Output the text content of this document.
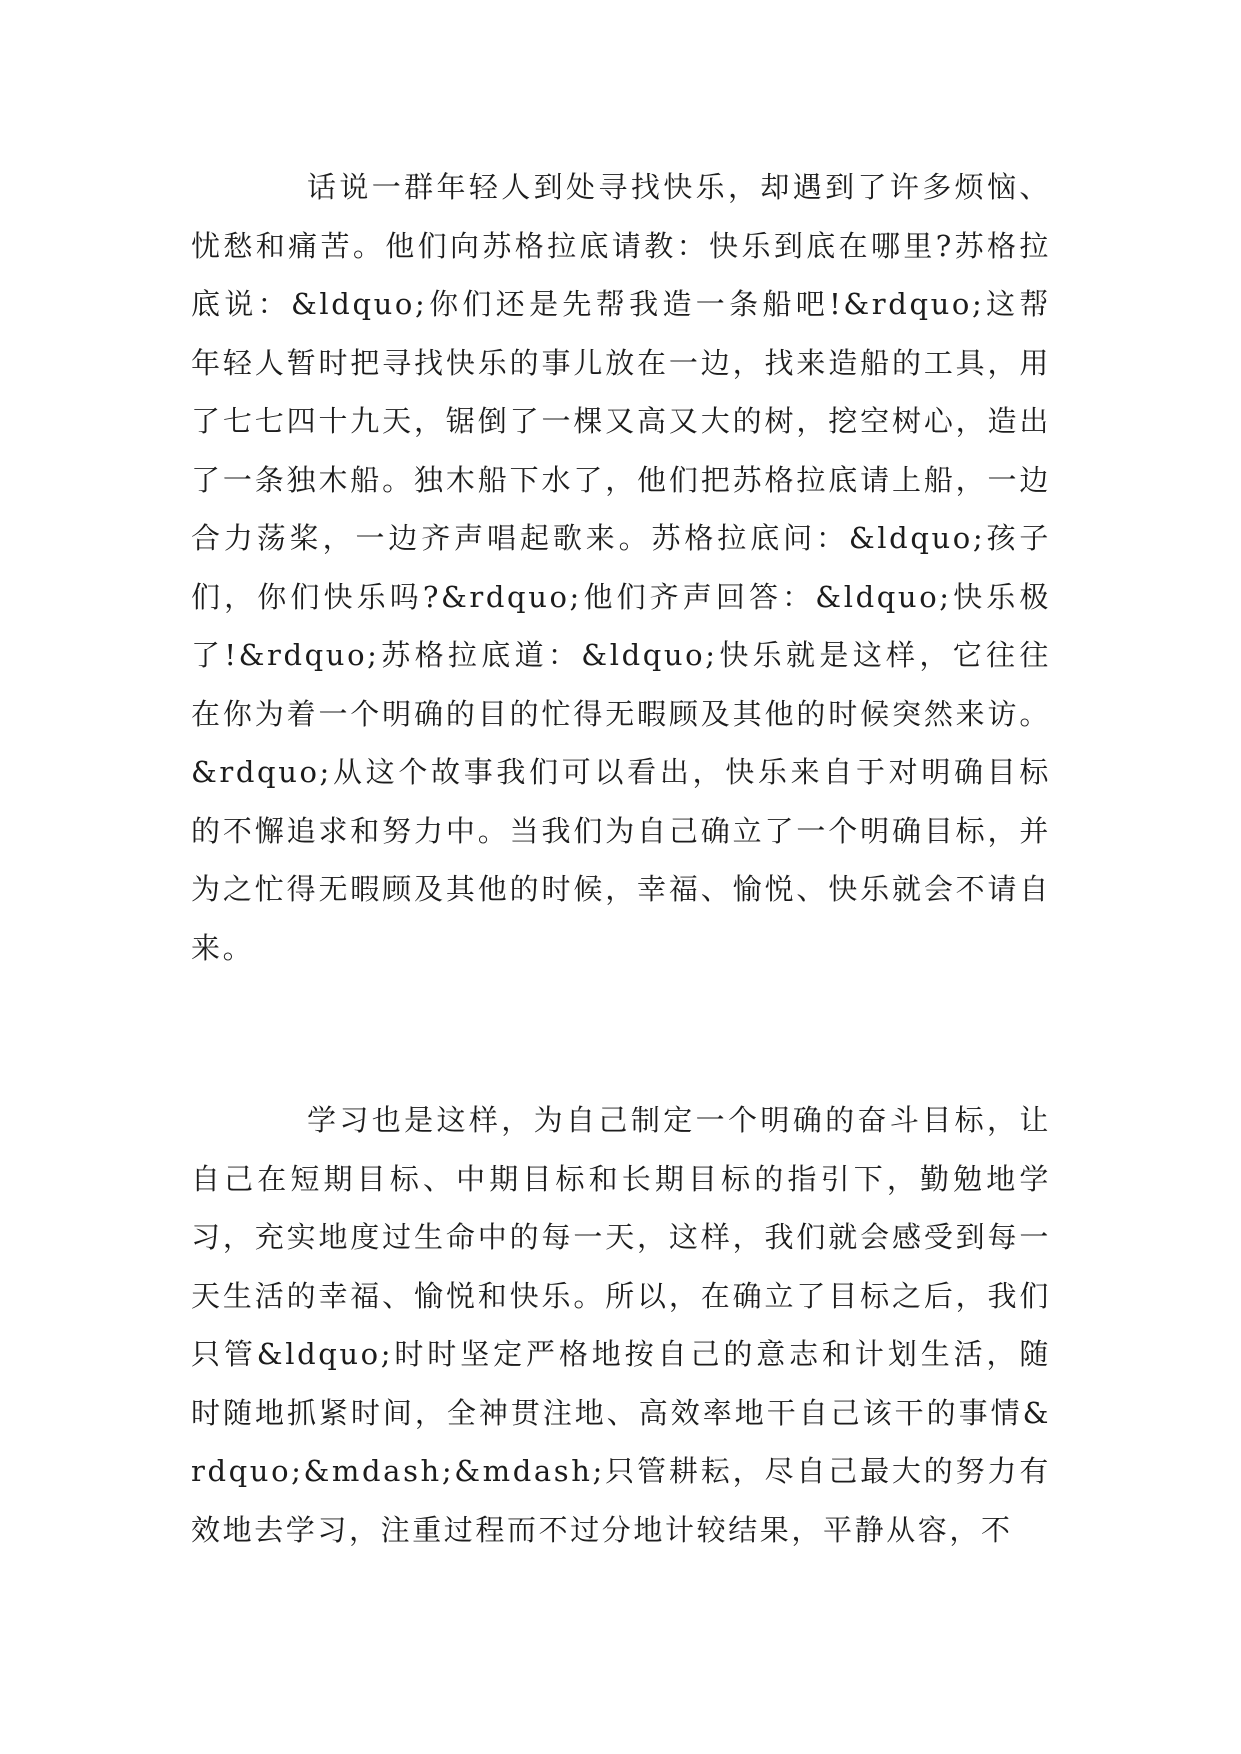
话说一群年轻人到处寻找快乐，却遇到了许多烦恼、忧愁和痛苦。他们向苏格拉底请教：快乐到底在哪里?苏格拉底说：&ldquo;你们还是先帮我造一条船吧!&rdquo;这帮年轻人暂时把寻找快乐的事儿放在一边，找来造船的工具，用了七七四十九天，锯倒了一棵又高又大的树，挖空树心，造出了一条独木船。独木船下水了，他们把苏格拉底请上船，一边合力荡桨，一边齐声唱起歌来。苏格拉底问：&ldquo;孩子们，你们快乐吗?&rdquo;他们齐声回答：&ldquo;快乐极了!&rdquo;苏格拉底道：&ldquo;快乐就是这样，它往往在你为着一个明确的目的忙得无暇顾及其他的时候突然来访。&rdquo;从这个故事我们可以看出，快乐来自于对明确目标的不懈追求和努力中。当我们为自己确立了一个明确目标，并为之忙得无暇顾及其他的时候，幸福、愉悦、快乐就会不请自来。

学习也是这样，为自己制定一个明确的奋斗目标，让自己在短期目标、中期目标和长期目标的指引下，勤勉地学习，充实地度过生命中的每一天，这样，我们就会感受到每一天生活的幸福、愉悦和快乐。所以，在确立了目标之后，我们只管&ldquo;时时坚定严格地按自己的意志和计划生活，随时随地抓紧时间，全神贯注地、高效率地干自己该干的事情&rdquo;&mdash;&mdash;只管耕耘，尽自己最大的努力有效地去学习，注重过程而不过分地计较结果，平静从容，不
